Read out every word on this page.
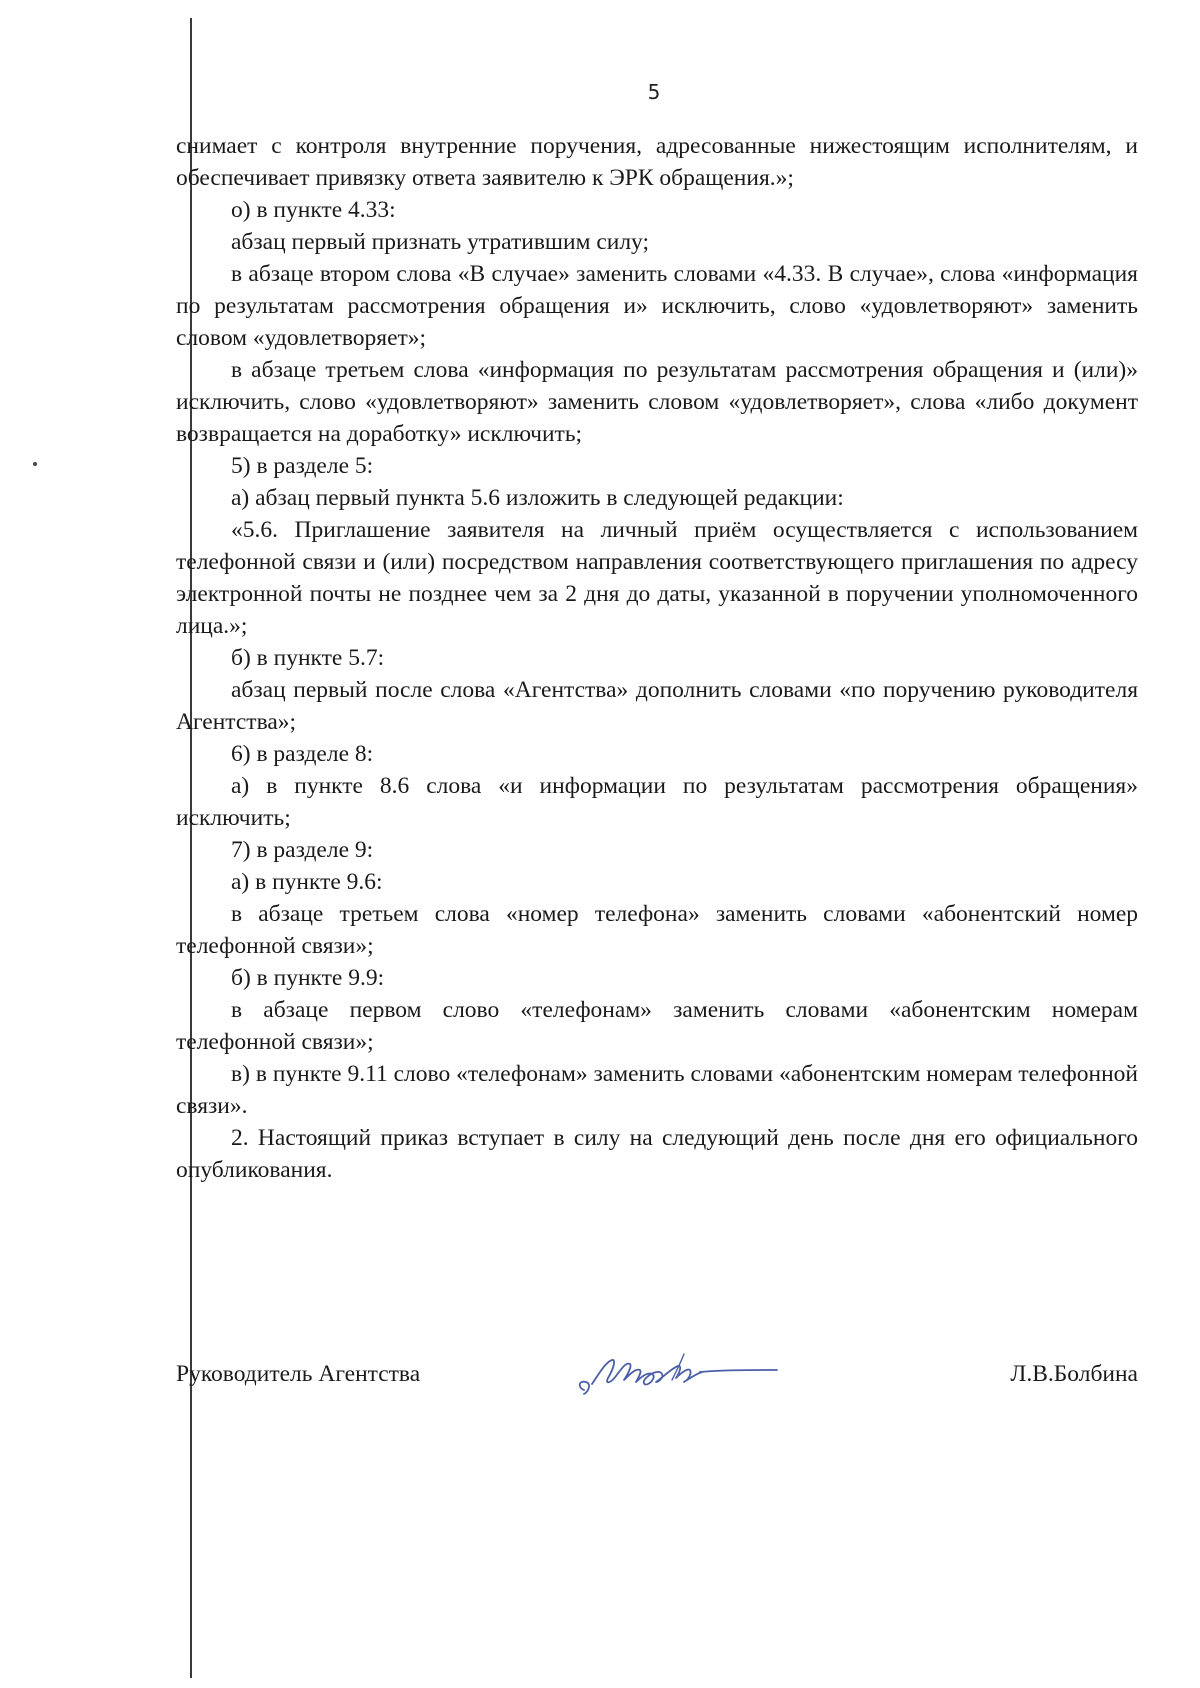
5

снимает с контроля внутренние поручения, адресованные нижестоящим исполнителям, и обеспечивает привязку ответа заявителю к ЭРК обращения.»;

о) в пункте 4.33:

абзац первый признать утратившим силу;

в абзаце втором слова «В случае» заменить словами «4.33. В случае», слова «информация по результатам рассмотрения обращения и» исключить, слово «удовлетворяют» заменить словом «удовлетворяет»;

в абзаце третьем слова «информация по результатам рассмотрения обращения и (или)» исключить, слово «удовлетворяют» заменить словом «удовлетворяет», слова «либо документ возвращается на доработку» исключить;

5) в разделе 5:

а) абзац первый пункта 5.6 изложить в следующей редакции:

«5.6. Приглашение заявителя на личный приём осуществляется с использованием телефонной связи и (или) посредством направления соответствующего приглашения по адресу электронной почты не позднее чем за 2 дня до даты, указанной в поручении уполномоченного лица.»;

б) в пункте 5.7:

абзац первый после слова «Агентства» дополнить словами «по поручению руководителя Агентства»;

6) в разделе 8:

а) в пункте 8.6 слова «и информации по результатам рассмотрения обращения» исключить;

7) в разделе 9:

а) в пункте 9.6:

в абзаце третьем слова «номер телефона» заменить словами «абонентский номер телефонной связи»;

б) в пункте 9.9:

в абзаце первом слово «телефонам» заменить словами «абонентским номерам телефонной связи»;

в) в пункте 9.11 слово «телефонам» заменить словами «абонентским номерам телефонной связи».

2. Настоящий приказ вступает в силу на следующий день после дня его официального опубликования.

Руководитель Агентства	Л.В.Болбина
